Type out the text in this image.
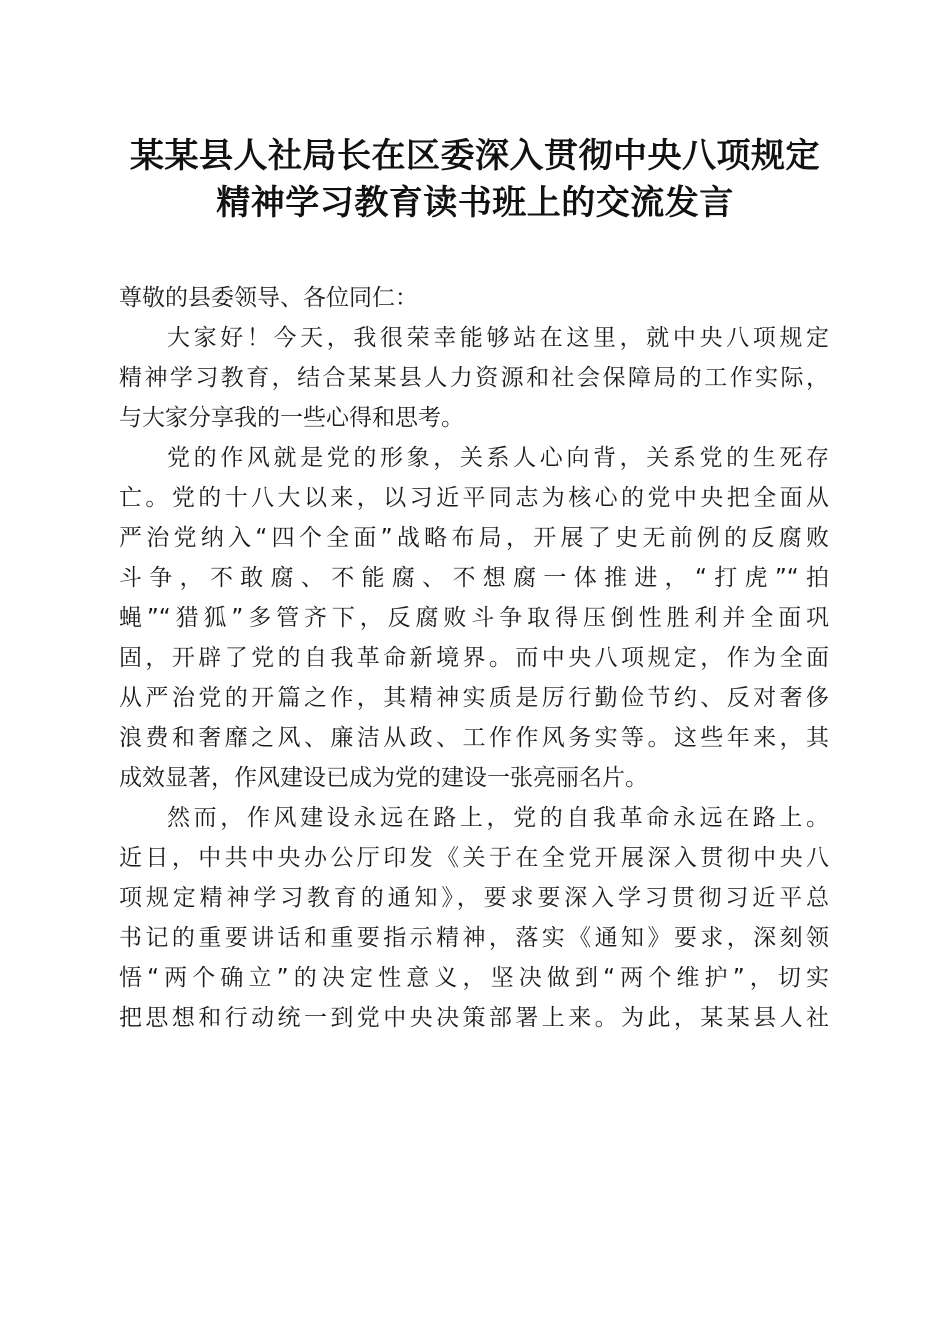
某某县人社局长在区委深入贯彻中央八项规定
精神学习教育读书班上的交流发言
尊敬的县委领导、各位同仁：
大家好！今天，我很荣幸能够站在这里，就中央八项规定
精神学习教育，结合某某县人力资源和社会保障局的工作实际，
与大家分享我的一些心得和思考。
党的作风就是党的形象，关系人心向背，关系党的生死存
亡。党的十八大以来，以习近平同志为核心的党中央把全面从
严治党纳入“四个全面”战略布局，开展了史无前例的反腐败
斗争，不敢腐、不能腐、不想腐一体推进，“打虎”“拍
蝇”“猎狐”多管齐下，反腐败斗争取得压倒性胜利并全面巩
固，开辟了党的自我革命新境界。而中央八项规定，作为全面
从严治党的开篇之作，其精神实质是厉行勤俭节约、反对奢侈
浪费和奢靡之风、廉洁从政、工作作风务实等。这些年来，其
成效显著，作风建设已成为党的建设一张亮丽名片。
然而，作风建设永远在路上，党的自我革命永远在路上。
近日，中共中央办公厅印发《关于在全党开展深入贯彻中央八
项规定精神学习教育的通知》，要求要深入学习贯彻习近平总
书记的重要讲话和重要指示精神，落实《通知》要求，深刻领
悟“两个确立”的决定性意义，坚决做到“两个维护”，切实
把思想和行动统一到党中央决策部署上来。为此，某某县人社
